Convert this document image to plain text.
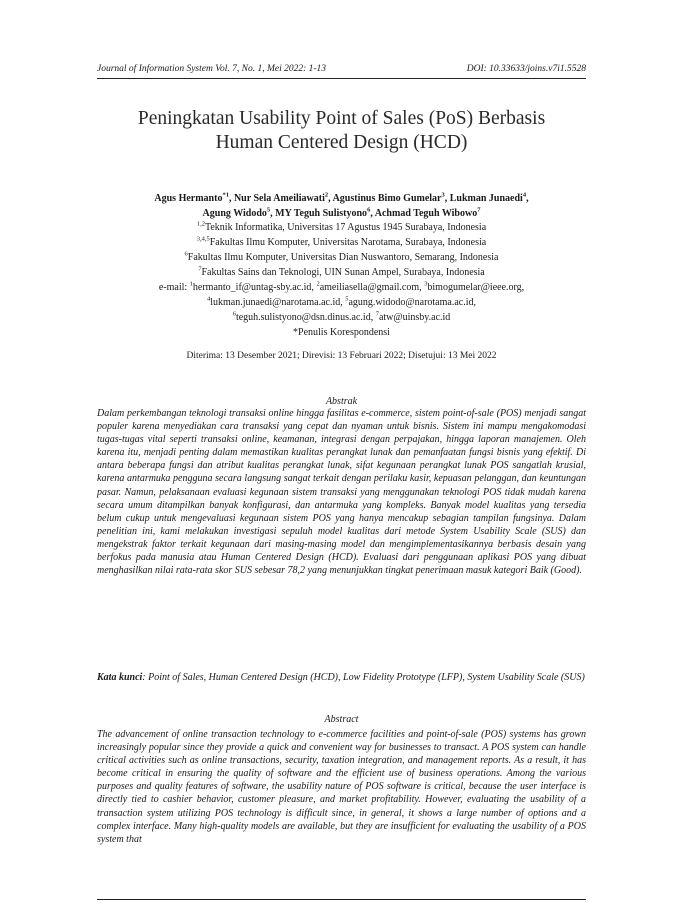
Journal of Information System Vol. 7, No. 1, Mei 2022: 1-13	DOI: 10.33633/joins.v7i1.5528
Peningkatan Usability Point of Sales (PoS) Berbasis
Human Centered Design (HCD)
Agus Hermanto$^{*1}$, Nur Sela Ameiliawati$^2$, Agustinus Bimo Gumelar$^3$, Lukman Junaedi$^4$,
Agung Widodo$^5$, MY Teguh Sulistyono$^6$, Achmad Teguh Wibowo$^7$
$^{1,2}$Teknik Informatika, Universitas 17 Agustus 1945 Surabaya, Indonesia
$^{3,4,5}$Fakultas Ilmu Komputer, Universitas Narotama, Surabaya, Indonesia
$^6$Fakultas Ilmu Komputer, Universitas Dian Nuswantoro, Semarang, Indonesia
$^7$Fakultas Sains dan Teknologi, UIN Sunan Ampel, Surabaya, Indonesia
e-mail: $^1$hermanto_if@untag-sby.ac.id, $^2$ameiliasella@gmail.com, $^3$bimogumelar@ieee.org,
$^4$lukman.junaedi@narotama.ac.id, $^5$agung.widodo@narotama.ac.id,
$^6$teguh.sulistyono@dsn.dinus.ac.id, $^7$atw@uinsby.ac.id
*Penulis Korespondensi
Diterima: 13 Desember 2021; Direvisi: 13 Februari 2022; Disetujui: 13 Mei 2022
Abstrak
Dalam perkembangan teknologi transaksi online hingga fasilitas e-commerce, sistem point-of-sale (POS) menjadi sangat populer karena menyediakan cara transaksi yang cepat dan nyaman untuk bisnis. Sistem ini mampu mengakomodasi tugas-tugas vital seperti transaksi online, keamanan, integrasi dengan perpajakan, hingga laporan manajemen. Oleh karena itu, menjadi penting dalam memastikan kualitas perangkat lunak dan pemanfaatan fungsi bisnis yang efektif. Di antara beberapa fungsi dan atribut kualitas perangkat lunak, sifat kegunaan perangkat lunak POS sangatlah krusial, karena antarmuka pengguna secara langsung sangat terkait dengan perilaku kasir, kepuasan pelanggan, dan keuntungan pasar. Namun, pelaksanaan evaluasi kegunaan sistem transaksi yang menggunakan teknologi POS tidak mudah karena secara umum ditampilkan banyak konfigurasi, dan antarmuka yang kompleks. Banyak model kualitas yang tersedia belum cukup untuk mengevaluasi kegunaan sistem POS yang hanya mencakup sebagian tampilan fungsinya. Dalam penelitian ini, kami melakukan investigasi sepuluh model kualitas dari metode System Usability Scale (SUS) dan mengekstrak faktor terkait kegunaan dari masing-masing model dan mengimplementasikannya berbasis desain yang berfokus pada manusia atau Human Centered Design (HCD). Evaluasi dari penggunaan aplikasi POS yang dibuat menghasilkan nilai rata-rata skor SUS sebesar 78,2 yang menunjukkan tingkat penerimaan masuk kategori Baik (Good).
Kata kunci: Point of Sales, Human Centered Design (HCD), Low Fidelity Prototype (LFP), System Usability Scale (SUS)
Abstract
The advancement of online transaction technology to e-commerce facilities and point-of-sale (POS) systems has grown increasingly popular since they provide a quick and convenient way for businesses to transact. A POS system can handle critical activities such as online transactions, security, taxation integration, and management reports. As a result, it has become critical in ensuring the quality of software and the efficient use of business operations. Among the various purposes and quality features of software, the usability nature of POS software is critical, because the user interface is directly tied to cashier behavior, customer pleasure, and market profitability. However, evaluating the usability of a transaction system utilizing POS technology is difficult since, in general, it shows a large number of options and a complex interface. Many high-quality models are available, but they are insufficient for evaluating the usability of a POS system that
